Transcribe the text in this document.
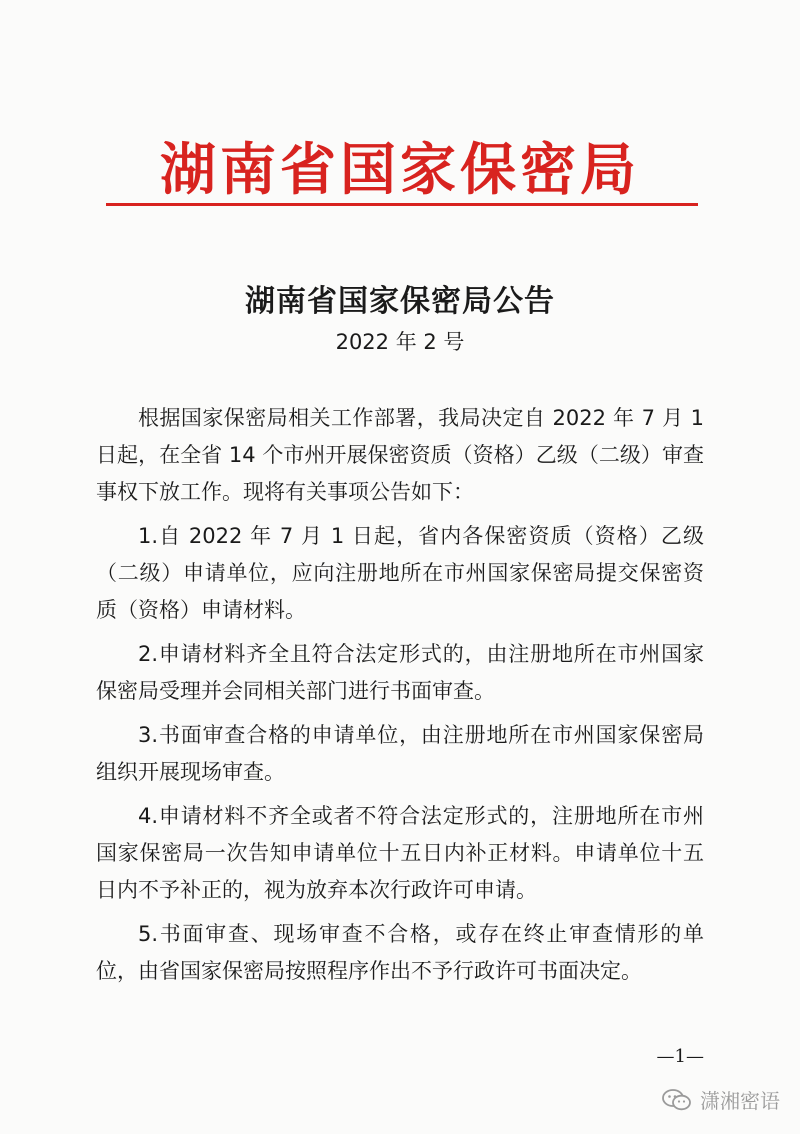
湖南省国家保密局
湖南省国家保密局公告
2022 年 2 号

根据国家保密局相关工作部署，我局决定自 2022 年 7 月 1 日起，在全省 14 个市州开展保密资质（资格）乙级（二级）审查事权下放工作。现将有关事项公告如下：

1.自 2022 年 7 月 1 日起，省内各保密资质（资格）乙级（二级）申请单位，应向注册地所在市州国家保密局提交保密资质（资格）申请材料。

2.申请材料齐全且符合法定形式的，由注册地所在市州国家保密局受理并会同相关部门进行书面审查。

3.书面审查合格的申请单位，由注册地所在市州国家保密局组织开展现场审查。

4.申请材料不齐全或者不符合法定形式的，注册地所在市州国家保密局一次告知申请单位十五日内补正材料。申请单位十五日内不予补正的，视为放弃本次行政许可申请。

5.书面审查、现场审查不合格，或存在终止审查情形的单位，由省国家保密局按照程序作出不予行政许可书面决定。

—1—
潇湘密语
